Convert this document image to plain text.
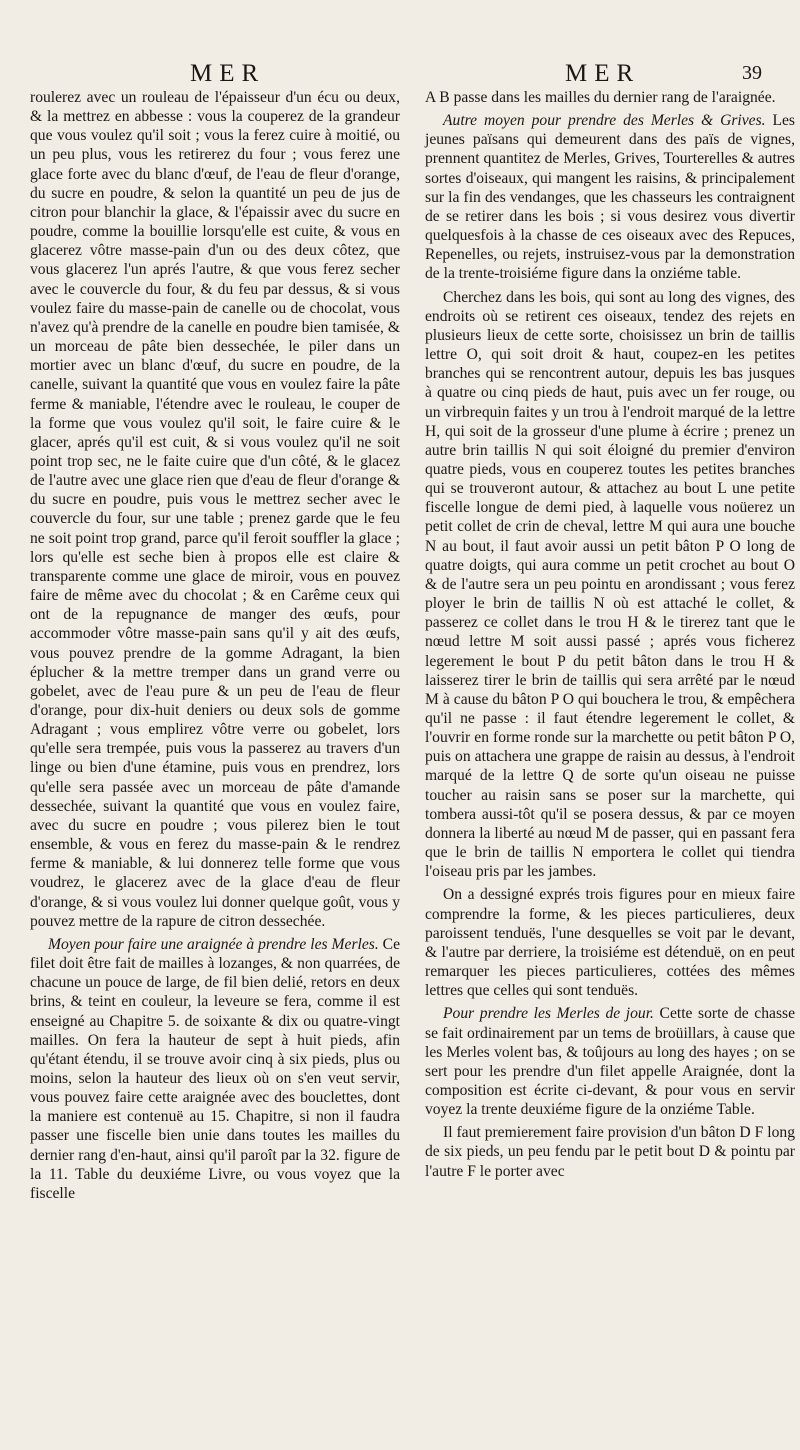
MER	MER	39

roulerez avec un rouleau de l'épaisseur d'un écu ou deux, & la mettrez en abbesse : vous la couperez de la grandeur que vous voulez qu'il soit ; vous la ferez cuire à moitié, ou un peu plus, vous les retirerez du four ; vous ferez une glace forte avec du blanc d'œuf, de l'eau de fleur d'orange, du sucre en poudre, & selon la quantité un peu de jus de citron pour blanchir la glace, & l'épaissir avec du sucre en poudre, comme la bouillie lorsqu'elle est cuite, & vous en glacerez vôtre masse-pain d'un ou des deux côtez, que vous glacerez l'un aprés l'autre, & que vous ferez secher avec le couvercle du four, & du feu par dessus, & si vous voulez faire du masse-pain de canelle ou de chocolat, vous n'avez qu'à prendre de la canelle en poudre bien tamisée, & un morceau de pâte bien dessechée, le piler dans un mortier avec un blanc d'œuf, du sucre en poudre, de la canelle, suivant la quantité que vous en voulez faire la pâte ferme & maniable, l'étendre avec le rouleau, le couper de la forme que vous voulez qu'il soit, le faire cuire & le glacer, aprés qu'il est cuit, & si vous voulez qu'il ne soit point trop sec, ne le faite cuire que d'un côté, & le glacez de l'autre avec une glace rien que d'eau de fleur d'orange & du sucre en poudre, puis vous le mettrez secher avec le couvercle du four, sur une table ; prenez garde que le feu ne soit point trop grand, parce qu'il feroit souffler la glace ; lors qu'elle est seche bien à propos elle est claire & transparente comme une glace de miroir, vous en pouvez faire de même avec du chocolat ; & en Carême ceux qui ont de la repugnance de manger des œufs, pour accommoder vôtre masse-pain sans qu'il y ait des œufs, vous pouvez prendre de la gomme Adragant, la bien éplucher & la mettre tremper dans un grand verre ou gobelet, avec de l'eau pure & un peu de l'eau de fleur d'orange, pour dix-huit deniers ou deux sols de gomme Adragant ; vous emplirez vôtre verre ou gobelet, lors qu'elle sera trempée, puis vous la passerez au travers d'un linge ou bien d'une étamine, puis vous en prendrez, lors qu'elle sera passée avec un morceau de pâte d'amande dessechée, suivant la quantité que vous en voulez faire, avec du sucre en poudre ; vous pilerez bien le tout ensemble, & vous en ferez du masse-pain & le rendrez ferme & maniable, & lui donnerez telle forme que vous voudrez, le glacerez avec de la glace d'eau de fleur d'orange, & si vous voulez lui donner quelque goût, vous y pouvez mettre de la rapure de citron dessechée.

Moyen pour faire une araignée à prendre les Merles. Ce filet doit être fait de mailles à lozanges, & non quarrées, de chacune un pouce de large, de fil bien delié, retors en deux brins, & teint en couleur, la leveure se fera, comme il est enseigné au Chapitre 5. de soixante & dix ou quatre-vingt mailles. On fera la hauteur de sept à huit pieds, afin qu'étant étendu, il se trouve avoir cinq à six pieds, plus ou moins, selon la hauteur des lieux où on s'en veut servir, vous pouvez faire cette araignée avec des bouclettes, dont la maniere est contenuë au 15. Chapitre, si non il faudra passer une fiscelle bien unie dans toutes les mailles du dernier rang d'en-haut, ainsi qu'il paroît par la 32. figure de la 11. Table du deuxiéme Livre, ou vous voyez que la fiscelle

A B passe dans les mailles du dernier rang de l'araignée.

Autre moyen pour prendre des Merles & Grives. Les jeunes païsans qui demeurent dans des païs de vignes, prennent quantitez de Merles, Grives, Tourterelles & autres sortes d'oiseaux, qui mangent les raisins, & principalement sur la fin des vendanges, que les chasseurs les contraignent de se retirer dans les bois ; si vous desirez vous divertir quelquesfois à la chasse de ces oiseaux avec des Repuces, Repenelles, ou rejets, instruisez-vous par la demonstration de la trente-troisiéme figure dans la onziéme table.

Cherchez dans les bois, qui sont au long des vignes, des endroits où se retirent ces oiseaux, tendez des rejets en plusieurs lieux de cette sorte, choisissez un brin de taillis lettre O, qui soit droit & haut, coupez-en les petites branches qui se rencontrent autour, depuis les bas jusques à quatre ou cinq pieds de haut, puis avec un fer rouge, ou un virbrequin faites y un trou à l'endroit marqué de la lettre H, qui soit de la grosseur d'une plume à écrire ; prenez un autre brin taillis N qui soit éloigné du premier d'environ quatre pieds, vous en couperez toutes les petites branches qui se trouveront autour, & attachez au bout L une petite fiscelle longue de demi pied, à laquelle vous noüerez un petit collet de crin de cheval, lettre M qui aura une bouche N au bout, il faut avoir aussi un petit bâton P O long de quatre doigts, qui aura comme un petit crochet au bout O & de l'autre sera un peu pointu en arondissant ; vous ferez ployer le brin de taillis N où est attaché le collet, & passerez ce collet dans le trou H & le tirerez tant que le nœud lettre M soit aussi passé ; aprés vous ficherez legerement le bout P du petit bâton dans le trou H & laisserez tirer le brin de taillis qui sera arrêté par le nœud M à cause du bâton P O qui bouchera le trou, & empêchera qu'il ne passe : il faut étendre legerement le collet, & l'ouvrir en forme ronde sur la marchette ou petit bâton P O, puis on attachera une grappe de raisin au dessus, à l'endroit marqué de la lettre Q de sorte qu'un oiseau ne puisse toucher au raisin sans se poser sur la marchette, qui tombera aussi-tôt qu'il se posera dessus, & par ce moyen donnera la liberté au nœud M de passer, qui en passant fera que le brin de taillis N emportera le collet qui tiendra l'oiseau pris par les jambes.

On a dessigné exprés trois figures pour en mieux faire comprendre la forme, & les pieces particulieres, deux paroissent tenduës, l'une desquelles se voit par le devant, & l'autre par derriere, la troisiéme est détenduë, on en peut remarquer les pieces particulieres, cottées des mêmes lettres que celles qui sont tenduës.

Pour prendre les Merles de jour. Cette sorte de chasse se fait ordinairement par un tems de broüillars, à cause que les Merles volent bas, & toûjours au long des hayes ; on se sert pour les prendre d'un filet appelle Araignée, dont la composition est écrite ci-devant, & pour vous en servir voyez la trente deuxiéme figure de la onziéme Table.

Il faut premierement faire provision d'un bâton D F long de six pieds, un peu fendu par le petit bout D & pointu par l'autre F le porter avec
